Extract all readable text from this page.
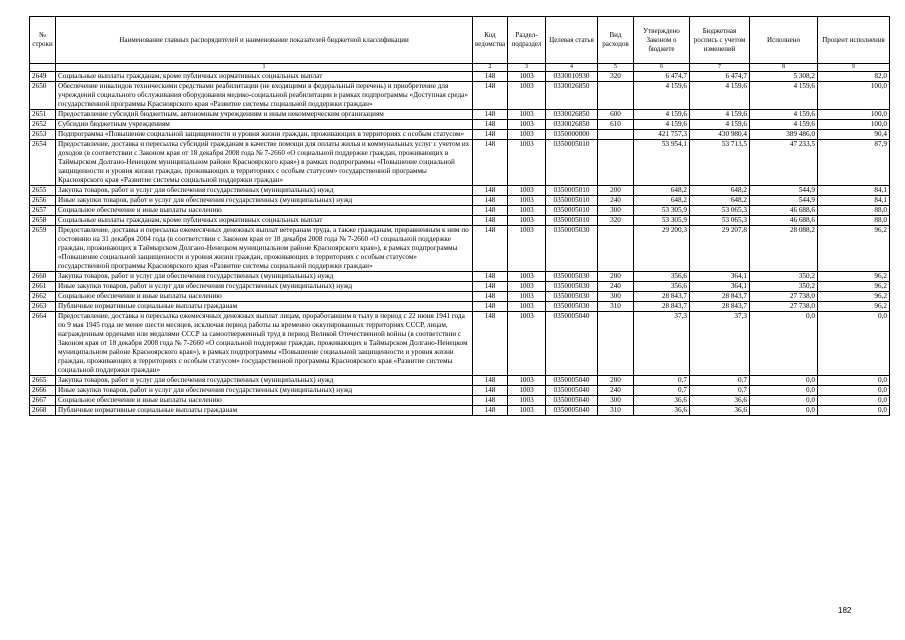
№ строки	Наименование главных распорядителей и наименование показателей бюджетной классификации	Код ведомства	Раздел-подраздел	Целевая статья	Вид расходов	Утверждено Законом о бюджете	Бюджетная роспись с учетом изменений	Исполнено	Процент исполнения
	1	2	3	4	5	6	7	8	9
2649	Социальные выплаты гражданам, кроме публичных нормативных социальных выплат	148	1003	0330010930	320	6 474,7	6 474,7	5 308,2	82,0
2650	Обеспечение инвалидов техническими средствами реабилитации (не входящими в федеральный перечень) и приобретение для учреждений социального обслуживания оборудования медико-социальной реабилитации в рамках подпрограммы «Доступная среда» государственной программы Красноярского края «Развитие системы социальной поддержки граждан»	148	1003	0330026850		4 159,6	4 159,6	4 159,6	100,0
2651	Предоставление субсидий бюджетным, автономным учреждениям и иным некоммерческим организациям	148	1003	0330026850	600	4 159,6	4 159,6	4 159,6	100,0
2652	Субсидии бюджетным учреждениям	148	1003	0330026850	610	4 159,6	4 159,6	4 159,6	100,0
2653	Подпрограмма «Повышение социальной защищенности и уровня жизни граждан, проживающих в территориях с особым статусом»	148	1003	0350000000		421 757,3	430 980,4	389 486,0	90,4
2654	Предоставление, доставка и пересылка субсидий гражданам в качестве помощи для оплаты жилья и коммунальных услуг с учетом их доходов (в соответствии с Законом края от 18 декабря 2008 года № 7-2660 «О социальной поддержке граждан, проживающих в Таймырском Долгано-Ненецком муниципальном районе Красноярского края») в рамках подпрограммы «Повышение социальной защищенности и уровня жизни граждан, проживающих в территориях с особым статусом» государственной программы Красноярского края «Развитие системы социальной поддержки граждан»	148	1003	0350005010		53 954,1	53 713,5	47 233,5	87,9
2655	Закупка товаров, работ и услуг для обеспечения государственных (муниципальных) нужд	148	1003	0350005010	200	648,2	648,2	544,9	84,1
2656	Иные закупки товаров, работ и услуг для обеспечения государственных (муниципальных) нужд	148	1003	0350005010	240	648,2	648,2	544,9	84,1
2657	Социальное обеспечение и иные выплаты населению	148	1003	0350005010	300	53 305,9	53 065,3	46 688,6	88,0
2658	Социальные выплаты гражданам, кроме публичных нормативных социальных выплат	148	1003	0350005010	320	53 305,9	53 065,3	46 688,6	88,0
2659	Предоставление, доставка и пересылка ежемесячных денежных выплат ветеранам труда, а также гражданам, приравненным к ним по состоянию на 31 декабря 2004 года (в соответствии с Законом края от 18 декабря 2008 года № 7-2660 «О социальной поддержке граждан, проживающих в Таймырском Долгано-Ненецком муниципальном районе Красноярского края»), в рамках подпрограммы «Повышение социальной защищенности и уровня жизни граждан, проживающих в территориях с особым статусом» государственной программы Красноярского края «Развитие системы социальной поддержки граждан»	148	1003	0350005030		29 200,3	29 207,8	28 088,2	96,2
2660	Закупка товаров, работ и услуг для обеспечения государственных (муниципальных) нужд	148	1003	0350005030	200	356,6	364,1	350,2	96,2
2661	Иные закупки товаров, работ и услуг для обеспечения государственных (муниципальных) нужд	148	1003	0350005030	240	356,6	364,1	350,2	96,2
2662	Социальное обеспечение и иные выплаты населению	148	1003	0350005030	300	28 843,7	28 843,7	27 738,0	96,2
2663	Публичные нормативные социальные выплаты гражданам	148	1003	0350005030	310	28 843,7	28 843,7	27 738,0	96,2
2664	Предоставление, доставка и пересылка ежемесячных денежных выплат лицам, проработавшим в тылу в период с 22 июня 1941 года по 9 мая 1945 года не менее шести месяцев, исключая период работы на временно оккупированных территориях СССР, лицам, награжденным орденами или медалями СССР за самоотверженный труд в период Великой Отечественной войны (в соответствии с Законом края от 18 декабря 2008 года № 7-2660 «О социальной поддержке граждан, проживающих в Таймырском Долгано-Ненецком муниципальном районе Красноярского края»), в рамках подпрограммы «Повышение социальной защищенности и уровня жизни граждан, проживающих в территориях с особым статусом» государственной программы Красноярского края «Развитие системы социальной поддержки граждан»	148	1003	0350005040		37,3	37,3	0,0	0,0
2665	Закупка товаров, работ и услуг для обеспечения государственных (муниципальных) нужд	148	1003	0350005040	200	0,7	0,7	0,0	0,0
2666	Иные закупки товаров, работ и услуг для обеспечения государственных (муниципальных) нужд	148	1003	0350005040	240	0,7	0,7	0,0	0,0
2667	Социальное обеспечение и иные выплаты населению	148	1003	0350005040	300	36,6	36,6	0,0	0,0
2668	Публичные нормативные социальные выплаты гражданам	148	1003	0350005040	310	36,6	36,6	0,0	0,0
182
